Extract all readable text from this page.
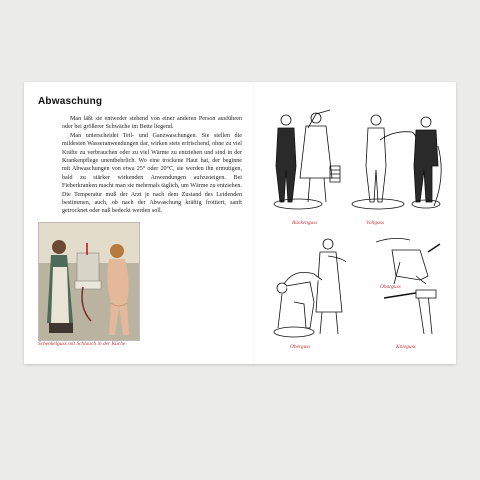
Abwaschung
Schenkelguss mit Schlauch in der Küche

Man läßt sie entweder stehend von einer anderen Person ausführen oder bei größerer Schwäche im Bette liegend.

Man unterscheidet Teil- und Ganzwaschungen. Sie stellen die mildesten Wasseranwendungen dar, wirken stets erfrischend, ohne zu viel Kräfte zu verbrauchen oder zu viel Wärme zu entziehen und sind in der Krankenpflege unentbehrlich. Wo eine trockene Haut hat, der beginne mit Abwaschungen von etwa 25° oder 20°C, sie werden ihn ermutigen, bald zu stärker wirkenden Anwendungen aufzusteigen. Bei Fieberkranken macht man sie mehrmals täglich, um Wärme zu entziehen. Die Temperatur muß der Arzt je nach dem Zustand des Leidenden bestimmen, auch, ob nach der Abwaschung kräftig frottiert, sanft getrocknet oder naß bedeckt werden soll.

Rückenguss	Vollguss
Oberguss
Obarguss
Knieguss
